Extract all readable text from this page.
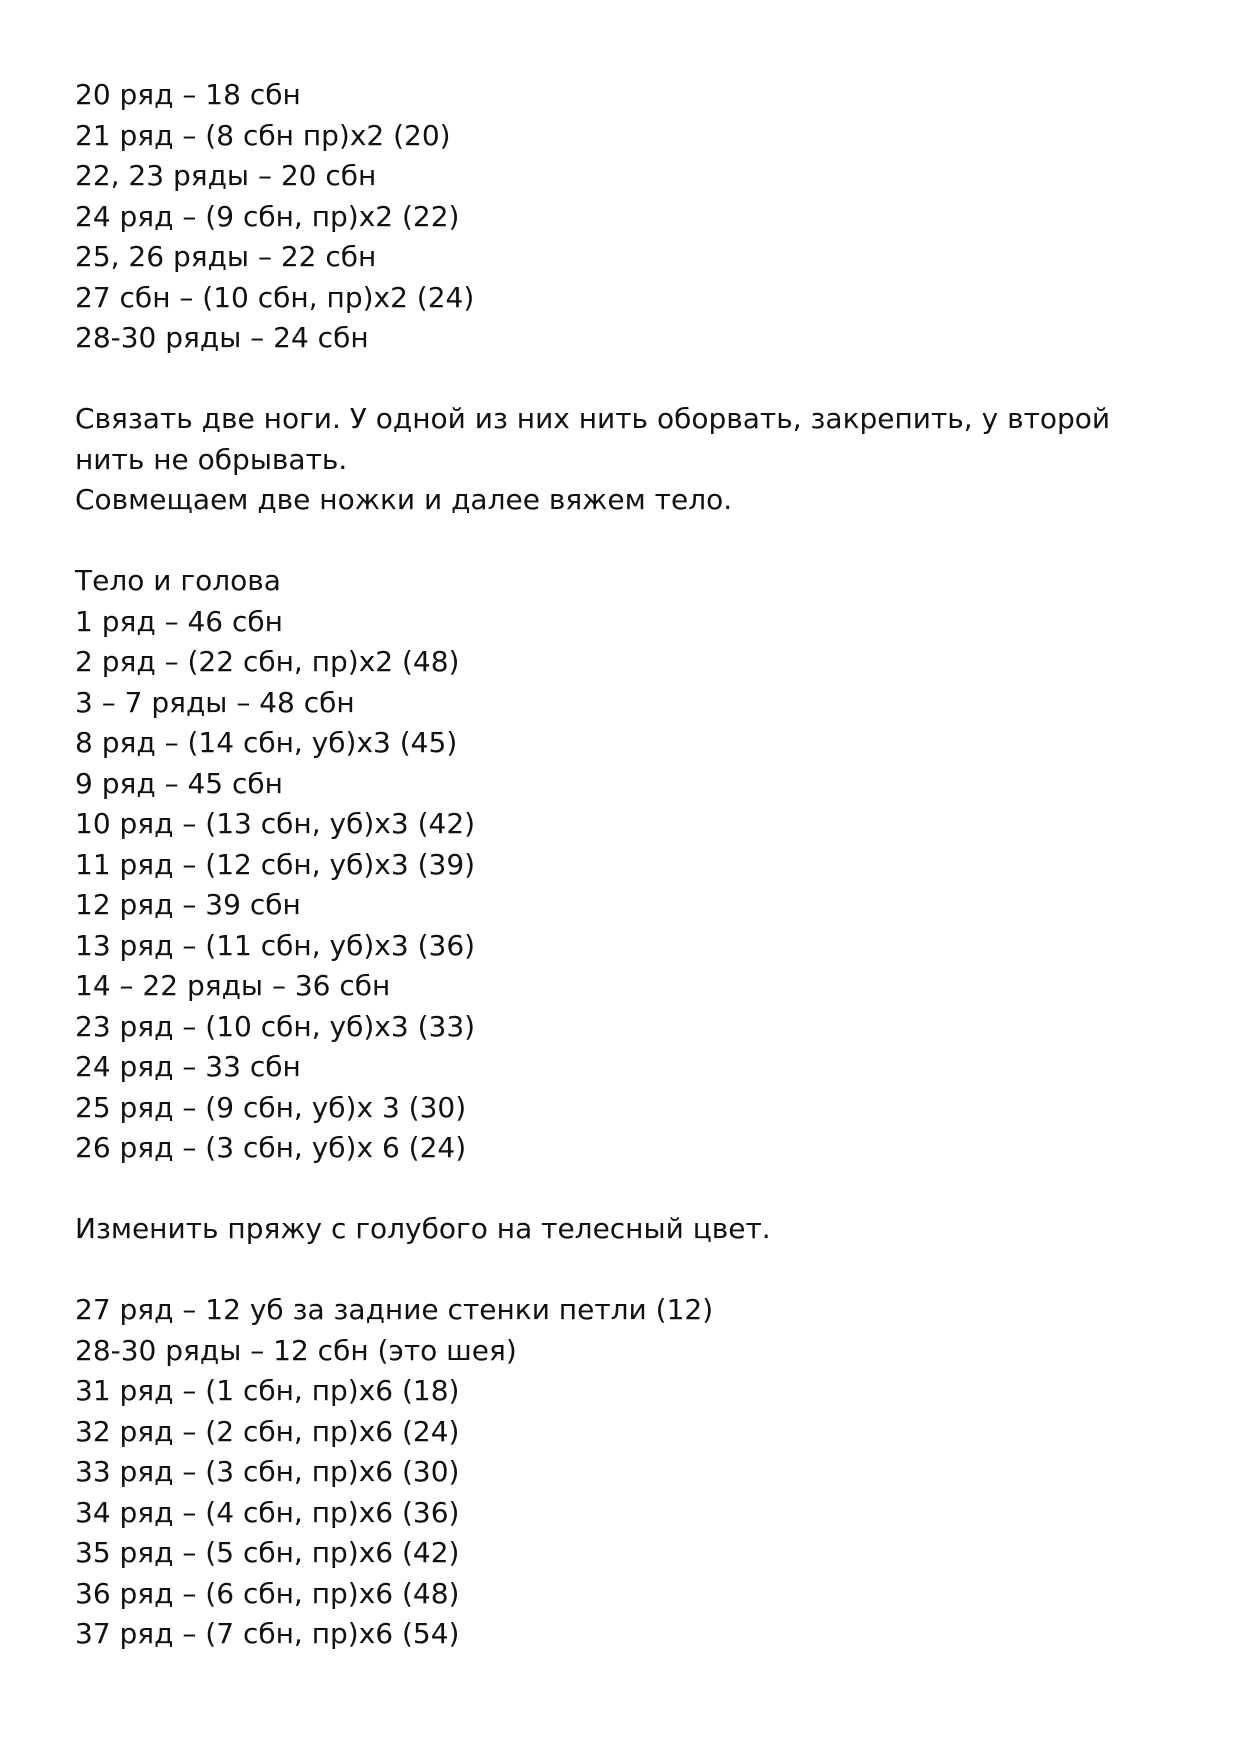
20 ряд – 18 сбн
21 ряд – (8 сбн пр)х2 (20)
22, 23 ряды – 20 сбн
24 ряд – (9 сбн, пр)х2 (22)
25, 26 ряды – 22 сбн
27 сбн – (10 сбн, пр)х2 (24)
28-30 ряды – 24 сбн
Связать две ноги. У одной из них нить оборвать, закрепить, у второй нить не обрывать.
Совмещаем две ножки и далее вяжем тело.
Тело и голова
1 ряд – 46 сбн
2 ряд – (22 сбн, пр)х2 (48)
3 – 7 ряды – 48 сбн
8 ряд – (14 сбн, уб)х3 (45)
9 ряд – 45 сбн
10 ряд – (13 сбн, уб)х3 (42)
11 ряд – (12 сбн, уб)х3 (39)
12 ряд – 39 сбн
13 ряд – (11 сбн, уб)х3 (36)
14 – 22 ряды – 36 сбн
23 ряд – (10 сбн, уб)х3 (33)
24 ряд – 33 сбн
25 ряд – (9 сбн, уб)х 3 (30)
26 ряд – (3 сбн, уб)х 6 (24)
Изменить пряжу с голубого на телесный цвет.
27 ряд – 12 уб за задние стенки петли (12)
28-30 ряды – 12 сбн (это шея)
31 ряд – (1 сбн, пр)х6 (18)
32 ряд – (2 сбн, пр)х6 (24)
33 ряд – (3 сбн, пр)х6 (30)
34 ряд – (4 сбн, пр)х6 (36)
35 ряд – (5 сбн, пр)х6 (42)
36 ряд – (6 сбн, пр)х6 (48)
37 ряд – (7 сбн, пр)х6 (54)
